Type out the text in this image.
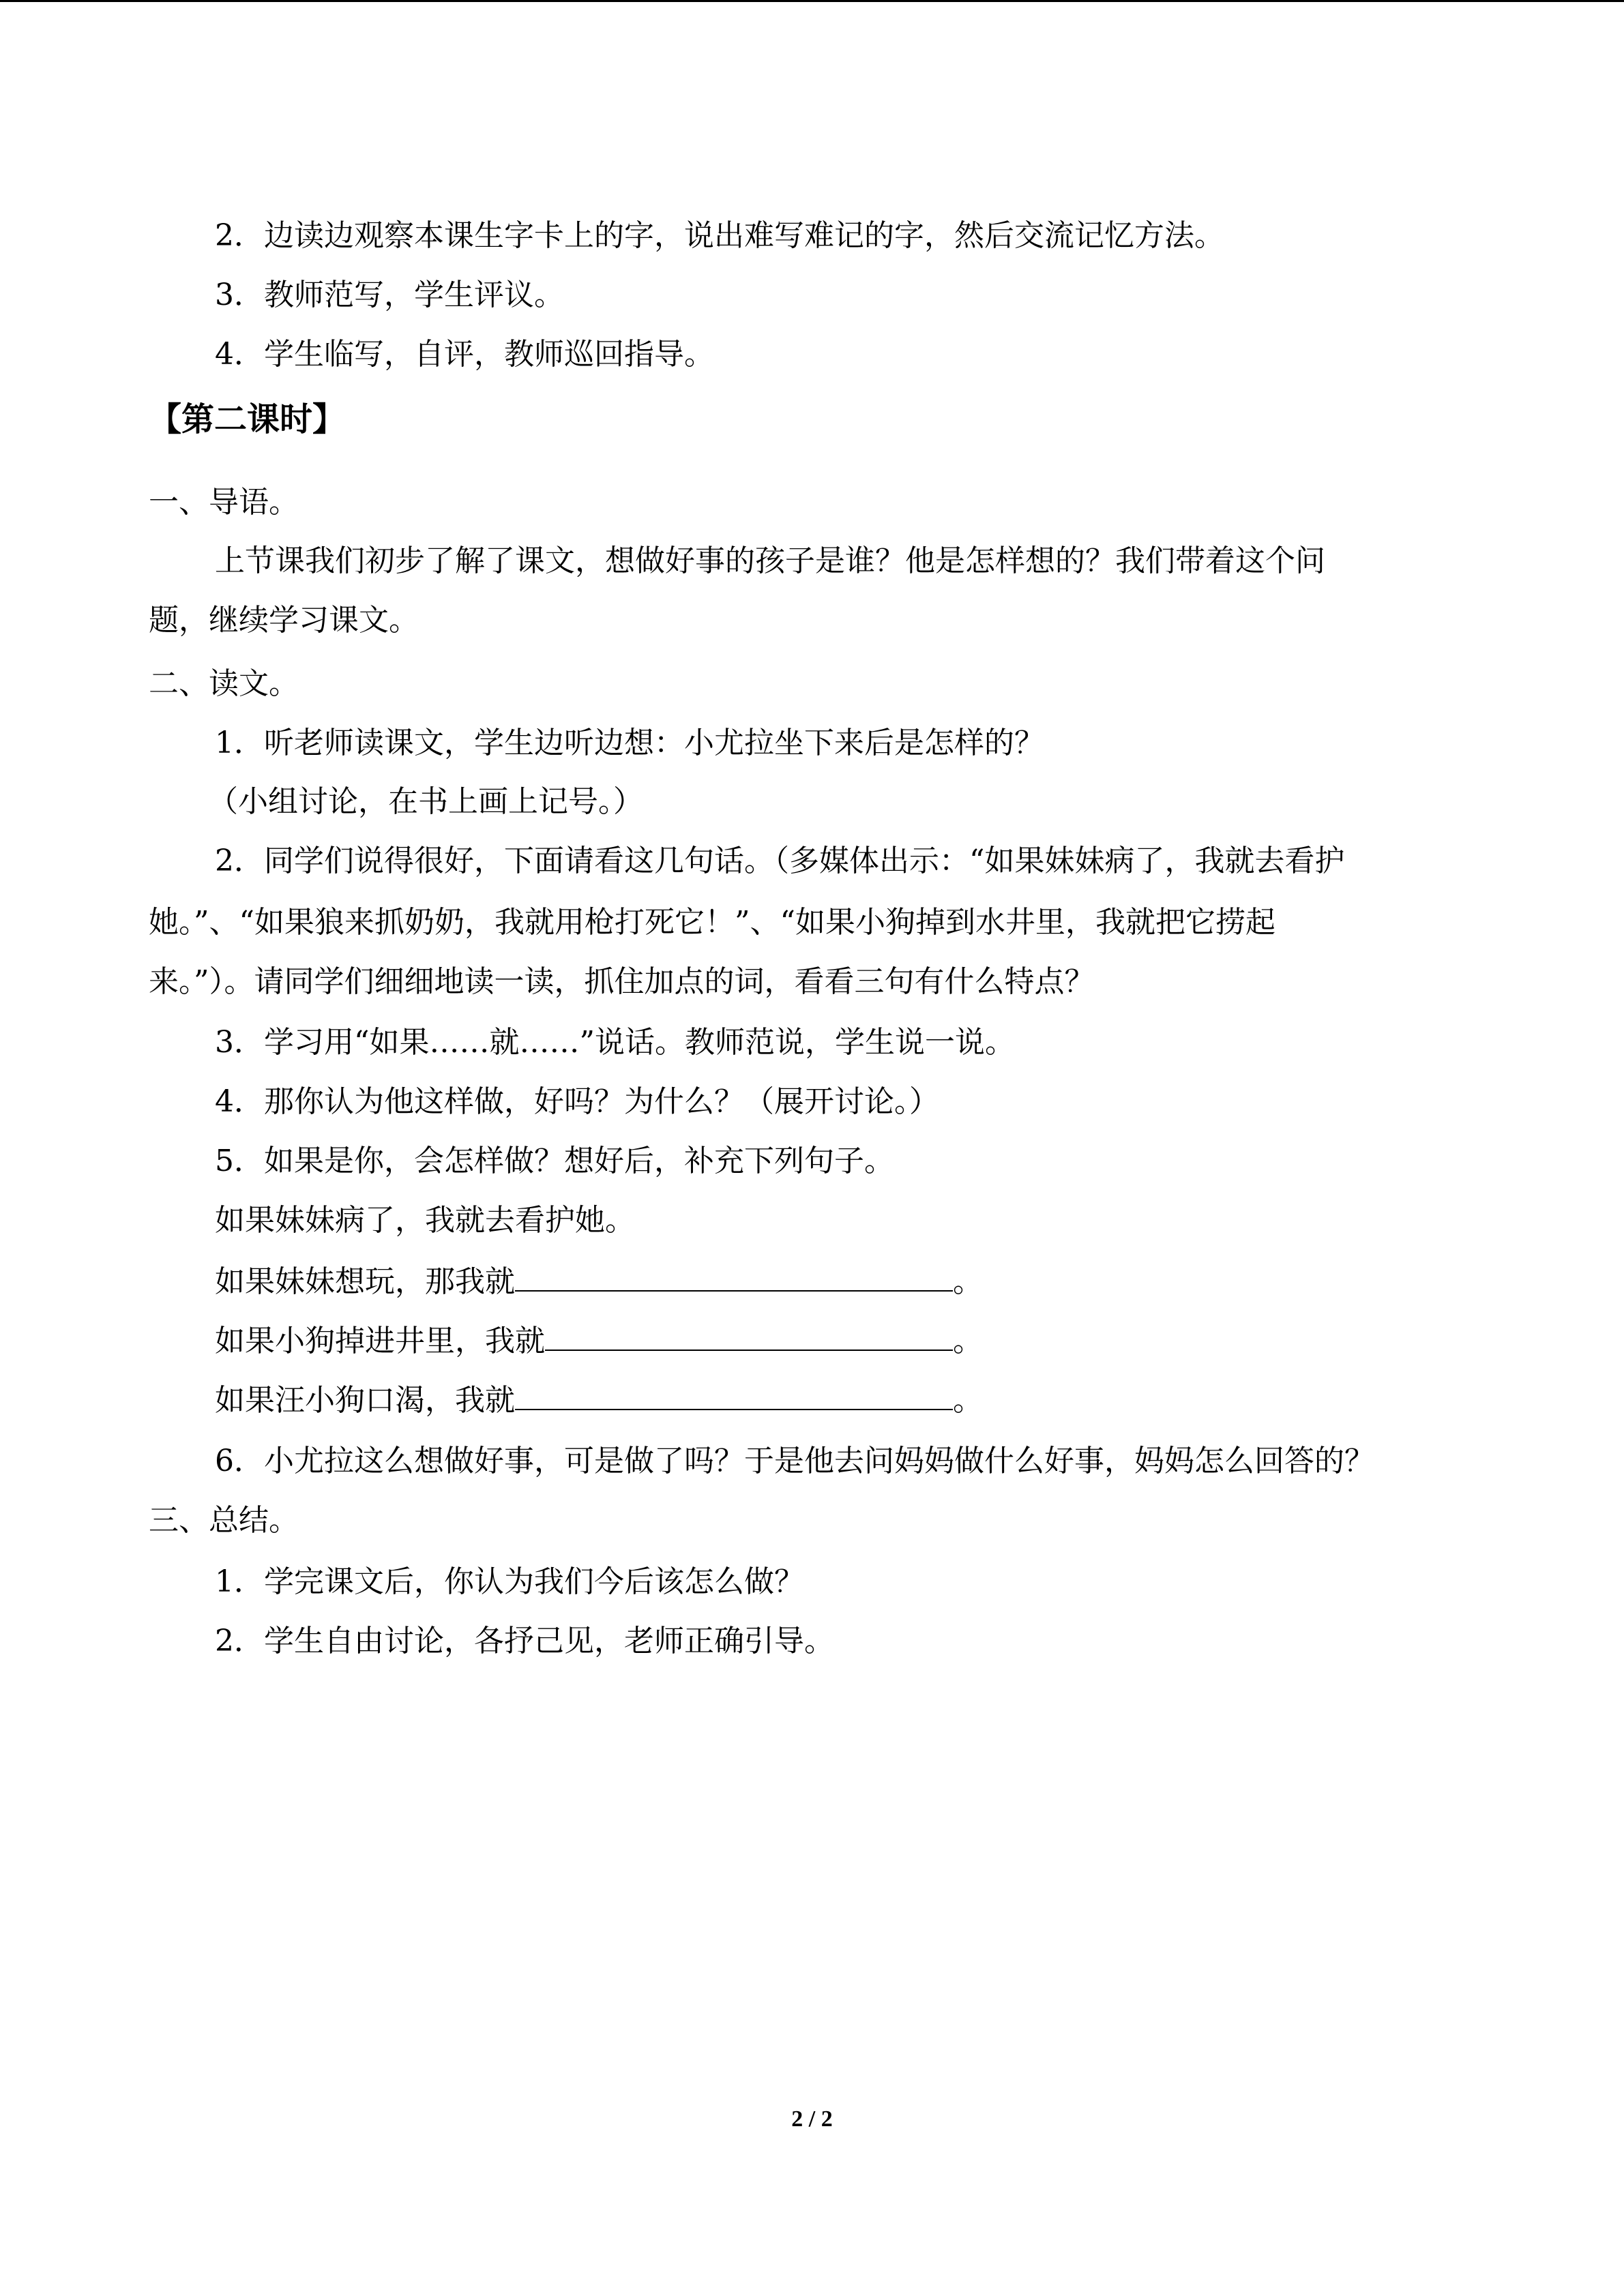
2．边读边观察本课生字卡上的字，说出难写难记的字，然后交流记忆方法。
3．教师范写，学生评议。
4．学生临写，自评，教师巡回指导。
【第二课时】
一、导语。
上节课我们初步了解了课文，想做好事的孩子是谁？他是怎样想的？我们带着这个问
题，继续学习课文。
二、读文。
1．听老师读课文，学生边听边想：小尤拉坐下来后是怎样的？
（小组讨论，在书上画上记号。）
2．同学们说得很好，下面请看这几句话。（多媒体出示：“如果妹妹病了，我就去看护
她。”、“如果狼来抓奶奶，我就用枪打死它！”、“如果小狗掉到水井里，我就把它捞起
来。”）。请同学们细细地读一读，抓住加点的词，看看三句有什么特点？
3．学习用“如果……就……”说话。教师范说，学生说一说。
4．那你认为他这样做，好吗？为什么？（展开讨论。）
5．如果是你，会怎样做？想好后，补充下列句子。
如果妹妹病了，我就去看护她。
如果妹妹想玩，那我就	。
如果小狗掉进井里，我就	。
如果汪小狗口渴，我就	。
6．小尤拉这么想做好事，可是做了吗？于是他去问妈妈做什么好事，妈妈怎么回答的？
三、总结。
1．学完课文后，你认为我们今后该怎么做？
2．学生自由讨论，各抒己见，老师正确引导。
2 / 2
